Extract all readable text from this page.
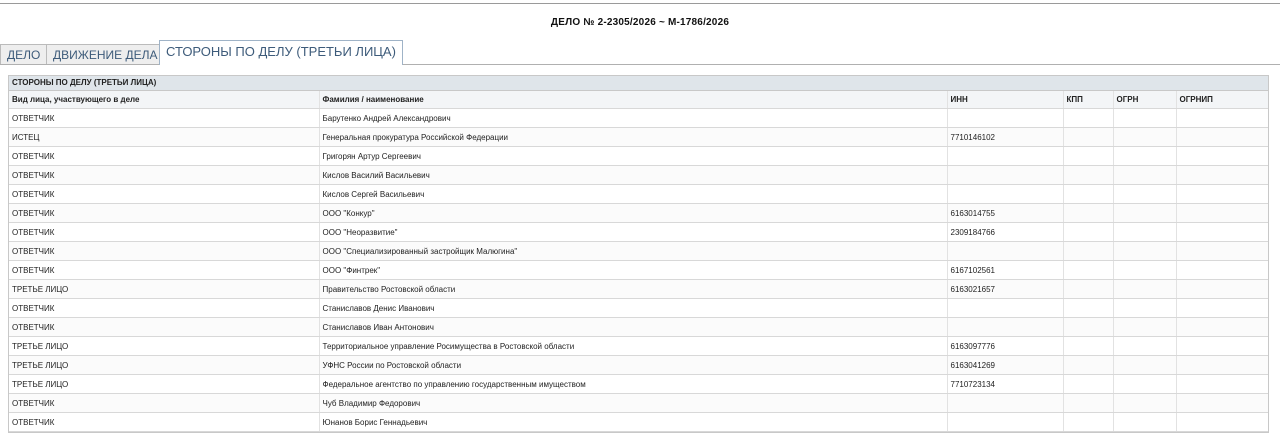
ДЕЛО № 2-2305/2026 ~ М-1786/2026
ДЕЛО	ДВИЖЕНИЕ ДЕЛА СТОРОНЫ ПО ДЕЛУ (ТРЕТЬИ ЛИЦА)
СТОРОНЫ ПО ДЕЛУ (ТРЕТЬИ ЛИЦА)
Вид лица, участвующего в деле	Фамилия / наименование	ИНН	КПП	ОГРН	ОГРНИП
ОТВЕТЧИК	Барутенко Андрей Александрович				
ИСТЕЦ	Генеральная прокуратура Российской Федерации	7710146102			
ОТВЕТЧИК	Григорян Артур Сергеевич				
ОТВЕТЧИК	Кислов Василий Васильевич				
ОТВЕТЧИК	Кислов Сергей Васильевич				
ОТВЕТЧИК	ООО "Конкур"	6163014755			
ОТВЕТЧИК	ООО "Неоразвитие"	2309184766			
ОТВЕТЧИК	ООО "Специализированный застройщик Малюгина"				
ОТВЕТЧИК	ООО "Финтрек"	6167102561			
ТРЕТЬЕ ЛИЦО	Правительство Ростовской области	6163021657			
ОТВЕТЧИК	Станиславов Денис Иванович				
ОТВЕТЧИК	Станиславов Иван Антонович				
ТРЕТЬЕ ЛИЦО	Территориальное управление Росимущества в Ростовской области	6163097776			
ТРЕТЬЕ ЛИЦО	УФНС России по Ростовской области	6163041269			
ТРЕТЬЕ ЛИЦО	Федеральное агентство по управлению государственным имуществом	7710723134			
ОТВЕТЧИК	Чуб Владимир Федорович				
ОТВЕТЧИК	Юнанов Борис Геннадьевич				
